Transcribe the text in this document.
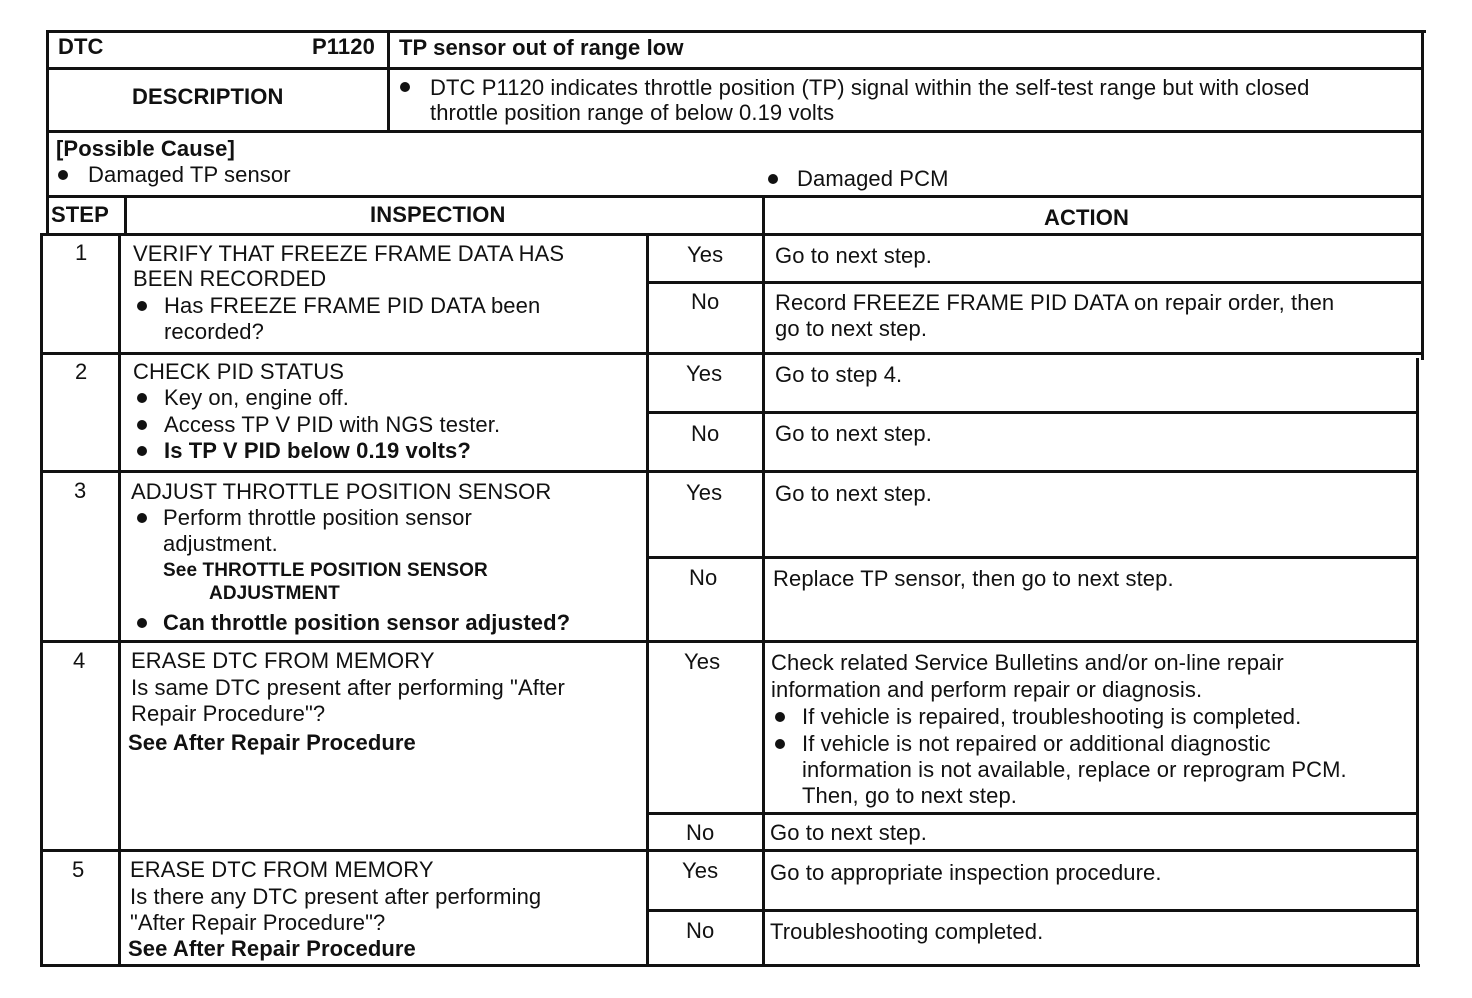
DTC	P1120 TP sensor out of range low
DESCRIPTION	DTC P1120 indicates throttle position (TP) signal within the self-test range but with closed
throttle position range of below 0.19 volts
[Possible Cause]
Damaged TP sensor	Damaged PCM
STEP	INSPECTION	ACTION
1 VERIFY THAT FREEZE FRAME DATA HAS
BEEN RECORDED
Has FREEZE FRAME PID DATA been
recorded?
Yes Go to next step.
No	Record FREEZE FRAME PID DATA on repair order, then
go to next step.
2 CHECK PID STATUS
Key on, engine off.
Access TP V PID with NGS tester.
Is TP V PID below 0.19 volts?
Yes Go to step 4.
No	Go to next step.
3 ADJUST THROTTLE POSITION SENSOR
Perform throttle position sensor
adjustment.
See THROTTLE POSITION SENSOR
ADJUSTMENT
Can throttle position sensor adjusted?
Yes Go to next step.
No	Replace TP sensor, then go to next step.
4 ERASE DTC FROM MEMORY
Is same DTC present after performing "After
Repair Procedure"?
See After Repair Procedure
Yes Check related Service Bulletins and/or on-line repair
information and perform repair or diagnosis.
If vehicle is repaired, troubleshooting is completed.
If vehicle is not repaired or additional diagnostic
information is not available, replace or reprogram PCM.
Then, go to next step.
No	Go to next step.
5 ERASE DTC FROM MEMORY
Is there any DTC present after performing
"After Repair Procedure"?
See After Repair Procedure
Yes Go to appropriate inspection procedure.
No	Troubleshooting completed.
